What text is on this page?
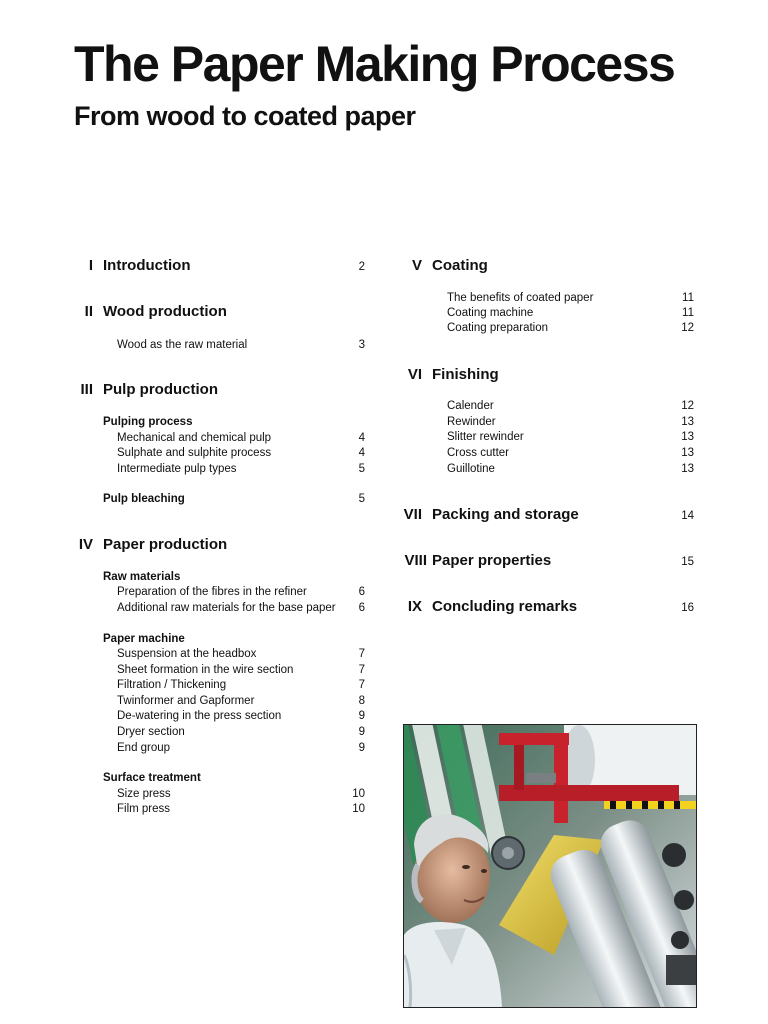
The Paper Making Process
From wood to coated paper
I Introduction	2
II Wood production
Wood as the raw material	3
III Pulp production
Pulping process
Mechanical and chemical pulp	4
Sulphate and sulphite process	4
Intermediate pulp types	5
Pulp bleaching	5
IV Paper production
Raw materials
Preparation of the fibres in the refiner	6
Additional raw materials for the base paper	6
Paper machine
Suspension at the headbox	7
Sheet formation in the wire section	7
Filtration / Thickening	7
Twinformer and Gapformer	8
De-watering in the press section	9
Dryer section	9
End group	9
Surface treatment
Size press	10
Film press	10
V Coating
The benefits of coated paper	11
Coating machine	11
Coating preparation	12
VI Finishing
Calender	12
Rewinder	13
Slitter rewinder	13
Cross cutter	13
Guillotine	13
VII Packing and storage	14
VIII Paper properties	15
IX Concluding remarks	16
